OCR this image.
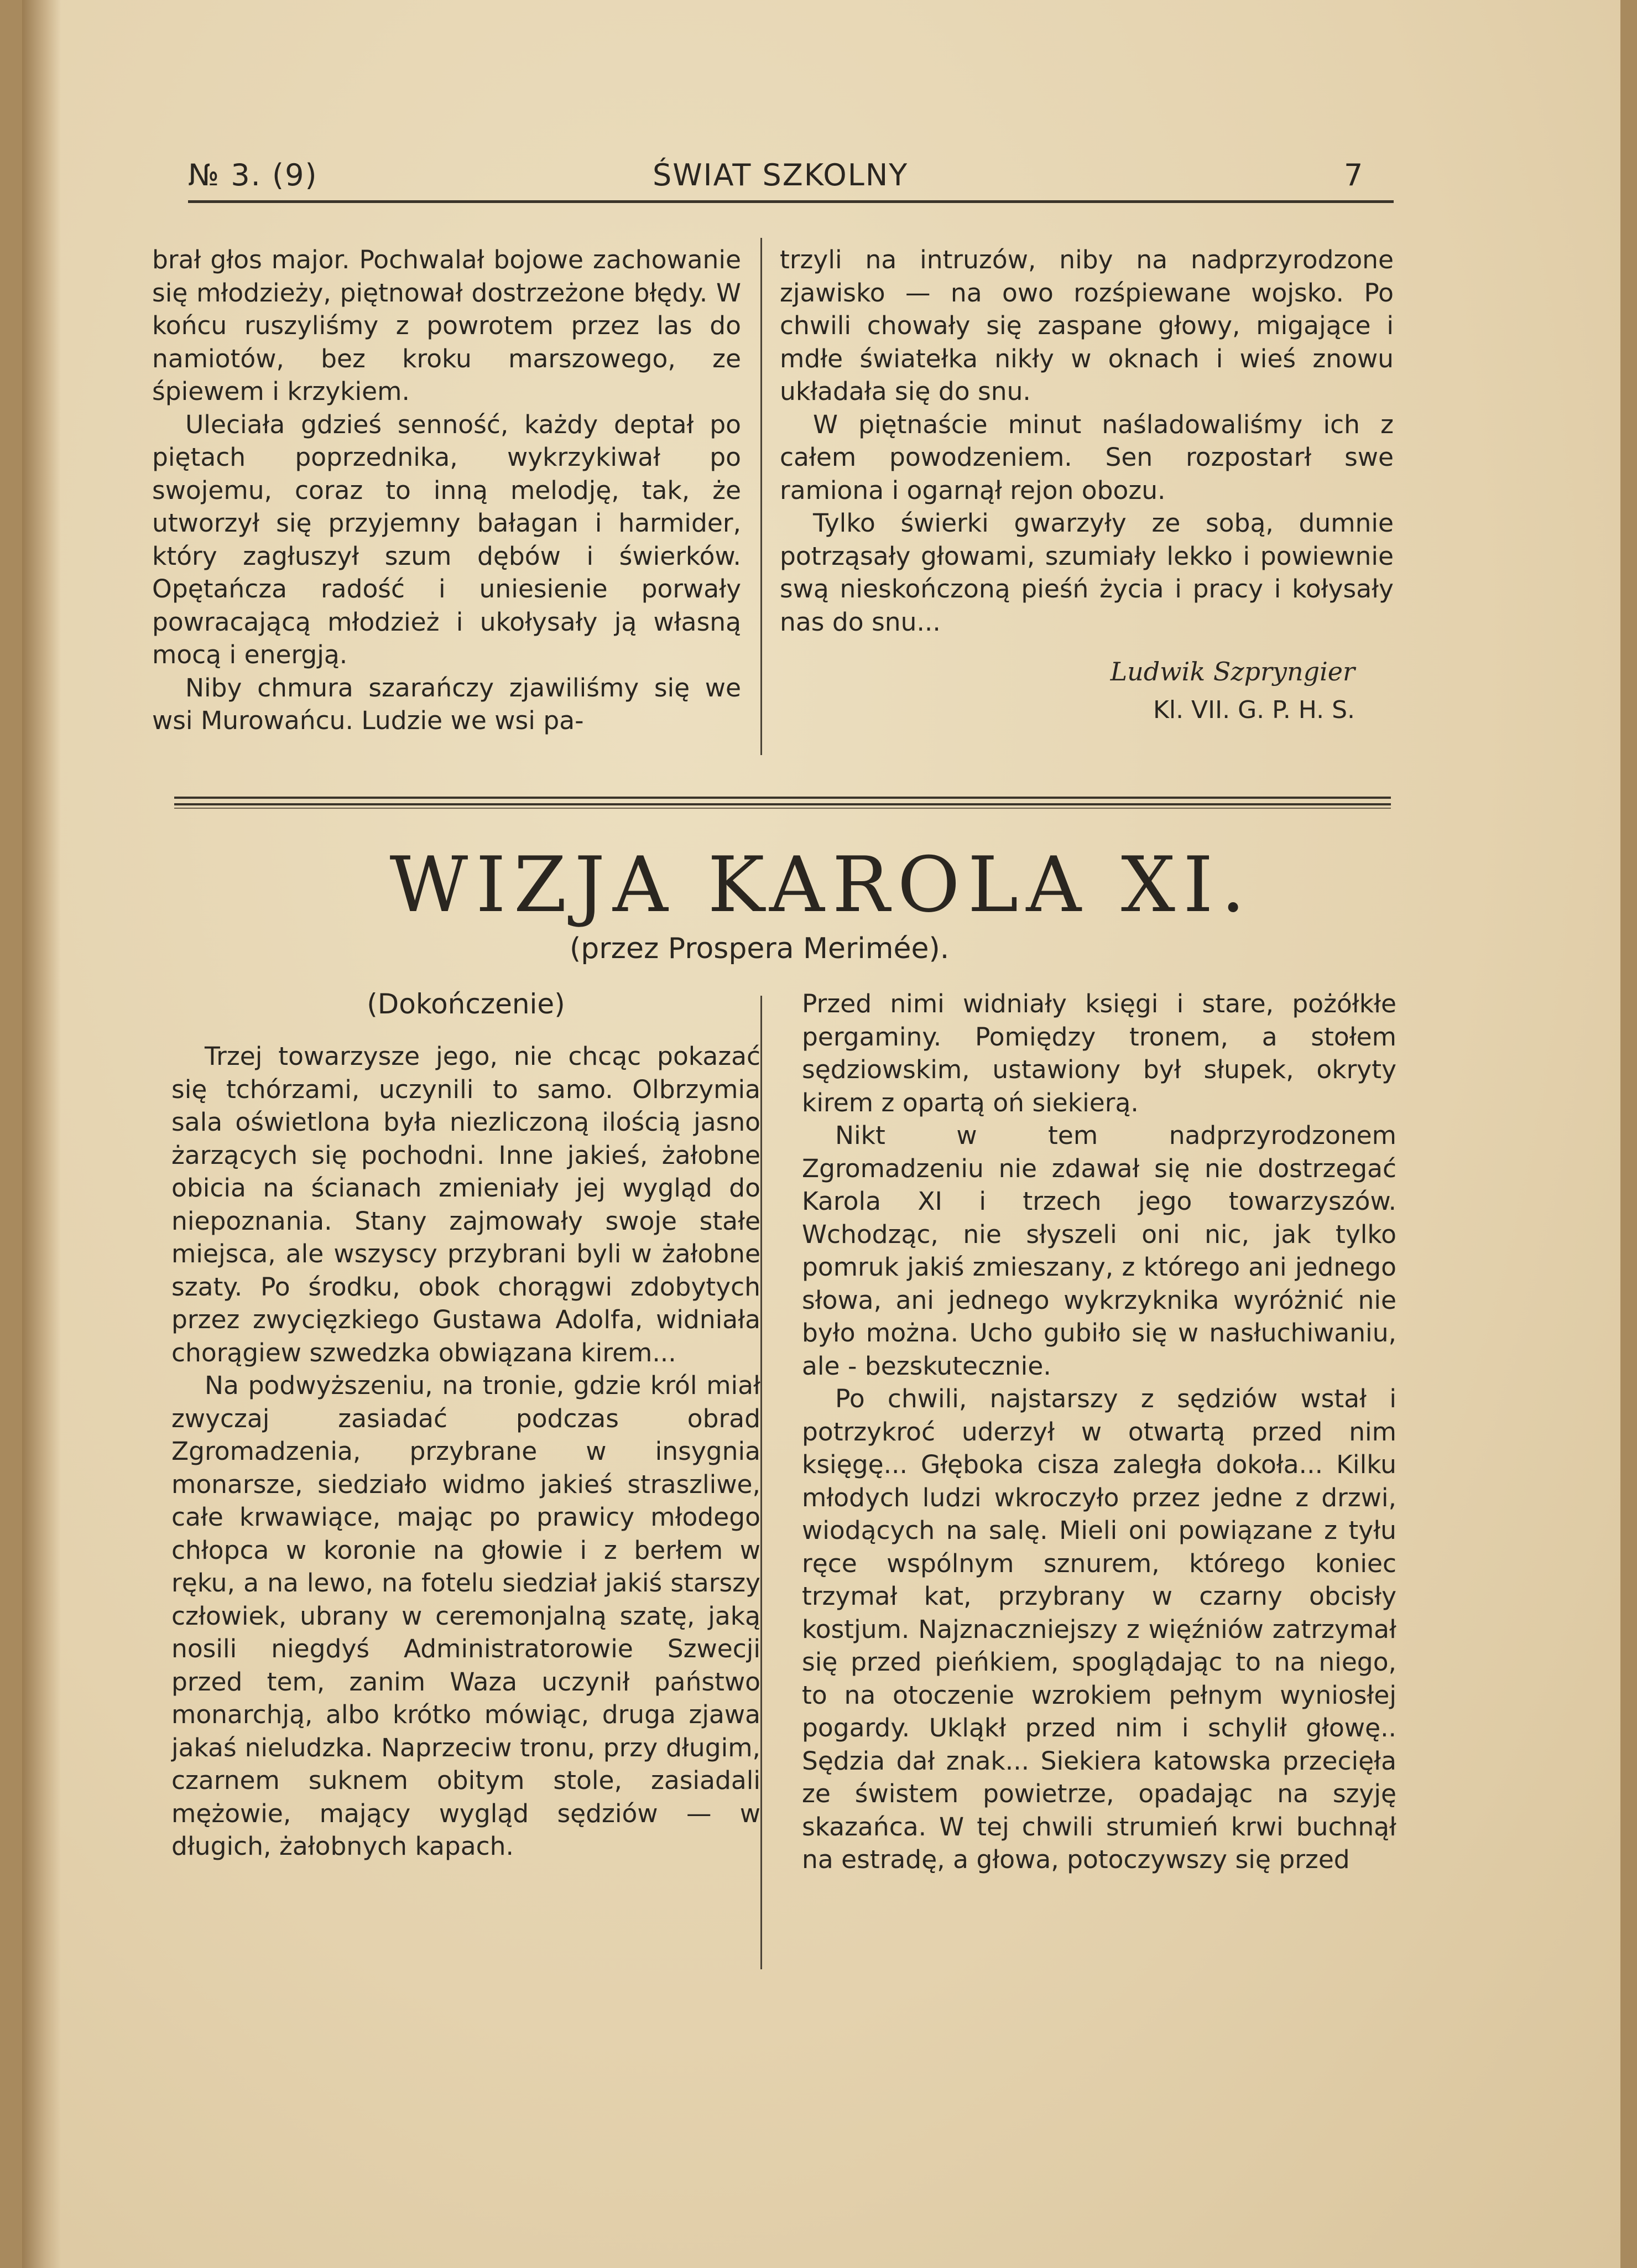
№ 3. (9)	ŚWIAT SZKOLNY	7

brał głos major. Pochwalał bojowe zachowanie się młodzieży, piętnował dostrzeżone błędy. W końcu ruszyliśmy z powrotem przez las do namiotów, bez kroku marszowego, ze śpiewem i krzykiem.

Uleciała gdzieś senność, każdy deptał po piętach poprzednika, wykrzykiwał po swojemu, coraz to inną melodję, tak, że utworzył się przyjemny bałagan i harmider, który zagłuszył szum dębów i świerków. Opętańcza radość i uniesienie porwały powracającą młodzież i ukołysały ją własną mocą i energją.

Niby chmura szarańczy zjawiliśmy się we wsi Murowańcu. Ludzie we wsi pa-

trzyli na intruzów, niby na nadprzyrodzone zjawisko — na owo rozśpiewane wojsko. Po chwili chowały się zaspane głowy, migające i mdłe światełka nikły w oknach i wieś znowu układała się do snu.

W piętnaście minut naśladowaliśmy ich z całem powodzeniem. Sen rozpostarł swe ramiona i ogarnął rejon obozu.

Tylko świerki gwarzyły ze sobą, dumnie potrząsały głowami, szumiały lekko i powiewnie swą nieskończoną pieśń życia i pracy i kołysały nas do snu...

Ludwik Szpryngier

Kl. VII. G. P. H. S.

WIZJA KAROLA XI.
(przez Prospera Merimée).

(Dokończenie)

Trzej towarzysze jego, nie chcąc pokazać się tchórzami, uczynili to samo. Olbrzymia sala oświetlona była niezliczoną ilością jasno żarzących się pochodni. Inne jakieś, żałobne obicia na ścianach zmieniały jej wygląd do niepoznania. Stany zajmowały swoje stałe miejsca, ale wszyscy przybrani byli w żałobne szaty. Po środku, obok chorągwi zdobytych przez zwycięzkiego Gustawa Adolfa, widniała chorągiew szwedzka obwiązana kirem...

Na podwyższeniu, na tronie, gdzie król miał zwyczaj zasiadać podczas obrad Zgromadzenia, przybrane w insygnia monarsze, siedziało widmo jakieś straszliwe, całe krwawiące, mając po prawicy młodego chłopca w koronie na głowie i z berłem w ręku, a na lewo, na fotelu siedział jakiś starszy człowiek, ubrany w ceremonjalną szatę, jaką nosili niegdyś Administratorowie Szwecji przed tem, zanim Waza uczynił państwo monarchją, albo krótko mówiąc, druga zjawa jakaś nieludzka. Naprzeciw tronu, przy długim, czarnem suknem obitym stole, zasiadali mężowie, mający wygląd sędziów — w długich, żałobnych kapach.

Przed nimi widniały księgi i stare, pożółkłe pergaminy. Pomiędzy tronem, a stołem sędziowskim, ustawiony był słupek, okryty kirem z opartą oń siekierą.

Nikt w tem nadprzyrodzonem Zgromadzeniu nie zdawał się nie dostrzegać Karola XI i trzech jego towarzyszów. Wchodząc, nie słyszeli oni nic, jak tylko pomruk jakiś zmieszany, z którego ani jednego słowa, ani jednego wykrzyknika wyróżnić nie było można. Ucho gubiło się w nasłuchiwaniu, ale - bezskutecznie.

Po chwili, najstarszy z sędziów wstał i potrzykroć uderzył w otwartą przed nim księgę... Głęboka cisza zaległa dokoła... Kilku młodych ludzi wkroczyło przez jedne z drzwi, wiodących na salę. Mieli oni powiązane z tyłu ręce wspólnym sznurem, którego koniec trzymał kat, przybrany w czarny obcisły kostjum. Najznaczniejszy z więźniów zatrzymał się przed pieńkiem, spoglądając to na niego, to na otoczenie wzrokiem pełnym wyniosłej pogardy. Ukląkł przed nim i schylił głowę.. Sędzia dał znak... Siekiera katowska przecięła ze świstem powietrze, opadając na szyję skazańca. W tej chwili strumień krwi buchnął na estradę, a głowa, potoczywszy się przed
